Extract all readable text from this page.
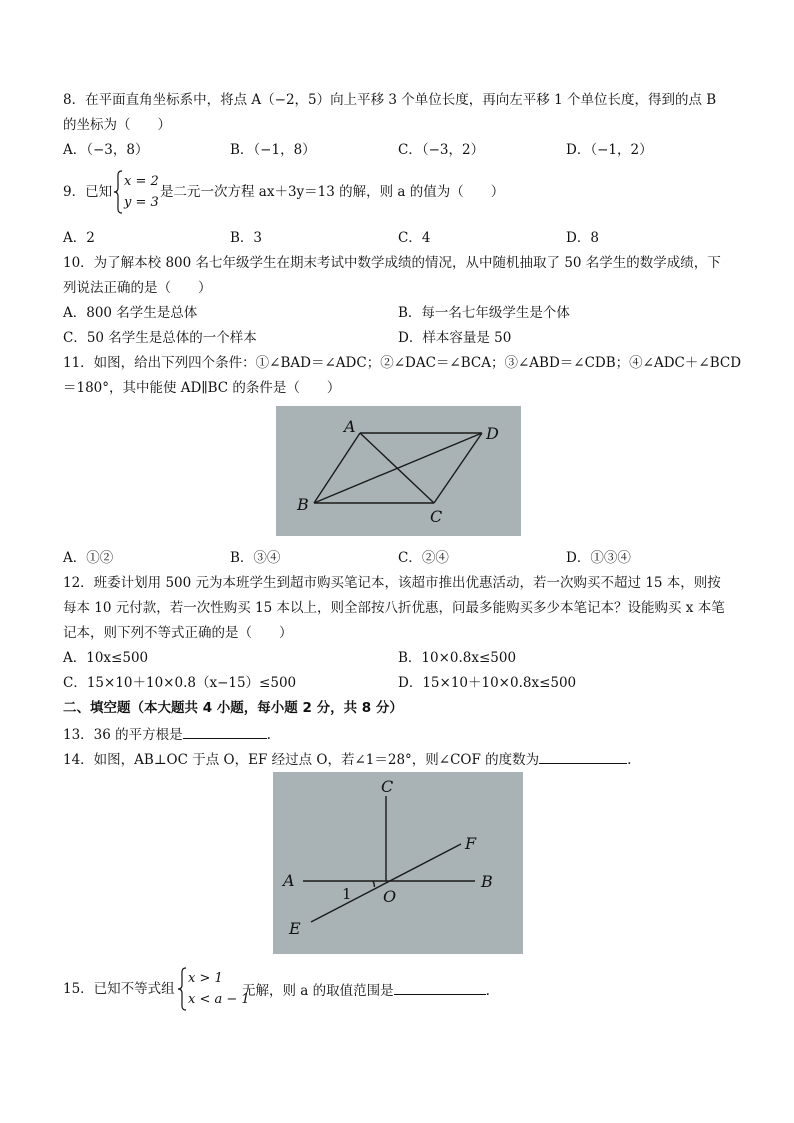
8．在平面直角坐标系中，将点 A（−2，5）向上平移 3 个单位长度，再向左平移 1 个单位长度，得到的点 B
的坐标为（　　）
A．（−3，8）	B．（−1，8）	C．（−3，2）	D．（−1，2）
9．已知
x = 2
y = 3
是二元一次方程 ax＋3y＝13 的解，则 a 的值为（　　）
A．2	B．3	C．4	D．8
10．为了解本校 800 名七年级学生在期末考试中数学成绩的情况，从中随机抽取了 50 名学生的数学成绩，下
列说法正确的是（　　）
A．800 名学生是总体	B．每一名七年级学生是个体
C．50 名学生是总体的一个样本	D．样本容量是 50
11．如图，给出下列四个条件：①∠BAD＝∠ADC；②∠DAC＝∠BCA；③∠ABD＝∠CDB；④∠ADC＋∠BCD
＝180°，其中能使 AD∥BC 的条件是（　　）
A	D
B
C
A．①②	B．③④	C．②④	D．①③④
12．班委计划用 500 元为本班学生到超市购买笔记本，该超市推出优惠活动，若一次购买不超过 15 本，则按
每本 10 元付款，若一次性购买 15 本以上，则全部按八折优惠，问最多能购买多少本笔记本？设能购买 x 本笔
记本，则下列不等式正确的是（　　）
A．10x≤500	B．10×0.8x≤500
C．15×10＋10×0.8（x−15）≤500	D．15×10＋10×0.8x≤500
二、填空题（本大题共 4 小题，每小题 2 分，共 8 分）
13．36 的平方根是	.
14．如图，AB⊥OC 于点 O，EF 经过点 O，若∠1＝28°，则∠COF 的度数为	.
C
F
A
1 O
B
E
15．已知不等式组
x > 1
x < a − 1
无解，则 a 的取值范围是	.
